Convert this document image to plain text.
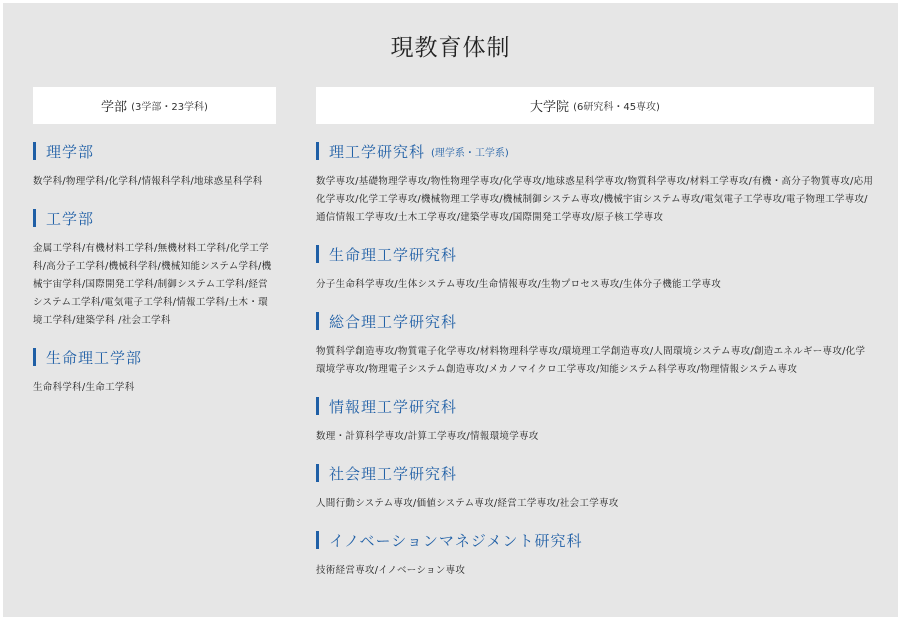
現教育体制
学部 (3学部・23学科)
理学部
数学科/物理学科/化学科/情報科学科/地球惑星科学科
工学部
金属工学科/有機材料工学科/無機材料工学科/化学工学科/高分子工学科/機械科学科/機械知能システム学科/機械宇宙学科/国際開発工学科/制御システム工学科/経営システム工学科/電気電子工学科/情報工学科/土木・環境工学科/建築学科 /社会工学科
生命理工学部
生命科学科/生命工学科
大学院 (6研究科・45専攻)
理工学研究科 (理学系・工学系)
数学専攻/基礎物理学専攻/物性物理学専攻/化学専攻/地球惑星科学専攻/物質科学専攻/材料工学専攻/有機・高分子物質専攻/応用化学専攻/化学工学専攻/機械物理工学専攻/機械制御システム専攻/機械宇宙システム専攻/電気電子工学専攻/電子物理工学専攻/通信情報工学専攻/土木工学専攻/建築学専攻/国際開発工学専攻/原子核工学専攻
生命理工学研究科
分子生命科学専攻/生体システム専攻/生命情報専攻/生物プロセス専攻/生体分子機能工学専攻
総合理工学研究科
物質科学創造専攻/物質電子化学専攻/材料物理科学専攻/環境理工学創造専攻/人間環境システム専攻/創造エネルギー専攻/化学環境学専攻/物理電子システム創造専攻/メカノマイクロ工学専攻/知能システム科学専攻/物理情報システム専攻
情報理工学研究科
数理・計算科学専攻/計算工学専攻/情報環境学専攻
社会理工学研究科
人間行動システム専攻/価値システム専攻/経営工学専攻/社会工学専攻
イノベーションマネジメント研究科
技術経営専攻/イノベーション専攻
